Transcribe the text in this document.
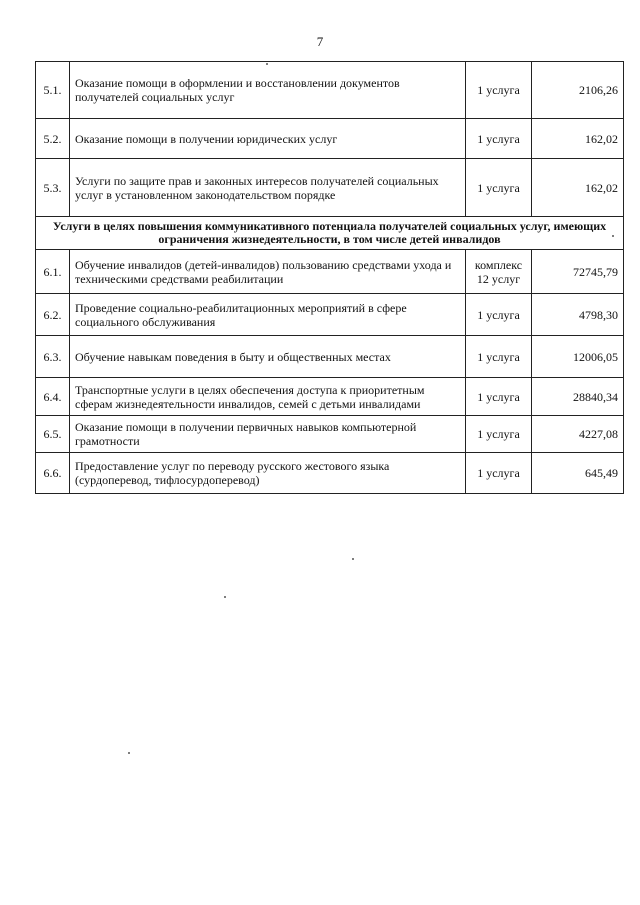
7
5.1.	Оказание помощи в оформлении и восстановлении документов получателей социальных услуг	1 услуга	2106,26
5.2.	Оказание помощи в получении юридических услуг	1 услуга	162,02
5.3.	Услуги по защите прав и законных интересов получателей социальных услуг в установленном законодательством порядке	1 услуга	162,02
Услуги в целях повышения коммуникативного потенциала получателей социальных услуг, имеющих ограничения жизнедеятельности, в том числе детей инвалидов			
6.1.	Обучение инвалидов (детей-инвалидов) пользованию средствами ухода и техническими средствами реабилитации	комплекс 12 услуг	72745,79
6.2.	Проведение социально-реабилитационных мероприятий в сфере социального обслуживания	1 услуга	4798,30
6.3.	Обучение навыкам поведения в быту и общественных местах	1 услуга	12006,05
6.4.	Транспортные услуги в целях обеспечения доступа к приоритетным сферам жизнедеятельности инвалидов, семей с детьми инвалидами	1 услуга	28840,34
6.5.	Оказание помощи в получении первичных навыков компьютерной грамотности	1 услуга	4227,08
6.6.	Предоставление услуг по переводу русского жестового языка (сурдоперевод, тифлосурдоперевод)	1 услуга	645,49
